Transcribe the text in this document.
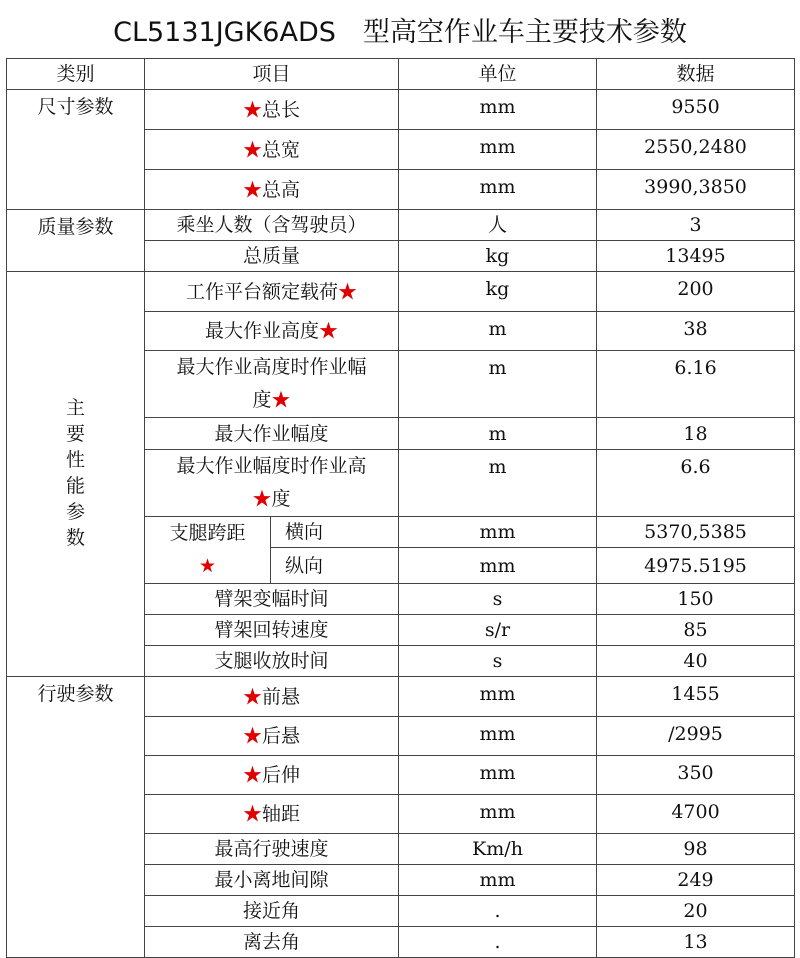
CL5131JGK6ADS　型高空作业车主要技术参数
类别	项目		单位	数据
尺寸参数	★总长		mm	9550
	★总宽		mm	2550,2480
	★总高		mm	3990,3850
质量参数	乘坐人数（含驾驶员）		人	3
	总质量		kg	13495
主要性能参数	工作平台额定载荷★		kg	200
	最大作业高度★		m	38
	最大作业高度时作业幅
度★		m	6.16
	最大作业幅度		m	18
	最大作业幅度时作业高
★度		m	6.6
	支腿跨距
★	横向	mm	5370,5385
		纵向	mm	4975.5195
	臂架变幅时间		s	150
	臂架回转速度		s/r	85
	支腿收放时间		s	40
行驶参数	★前悬		mm	1455
	★后悬		mm	/2995
	★后伸		mm	350
	★轴距		mm	4700
	最高行驶速度		Km/h	98
	最小离地间隙		mm	249
	接近角		.	20
	离去角		.	13
